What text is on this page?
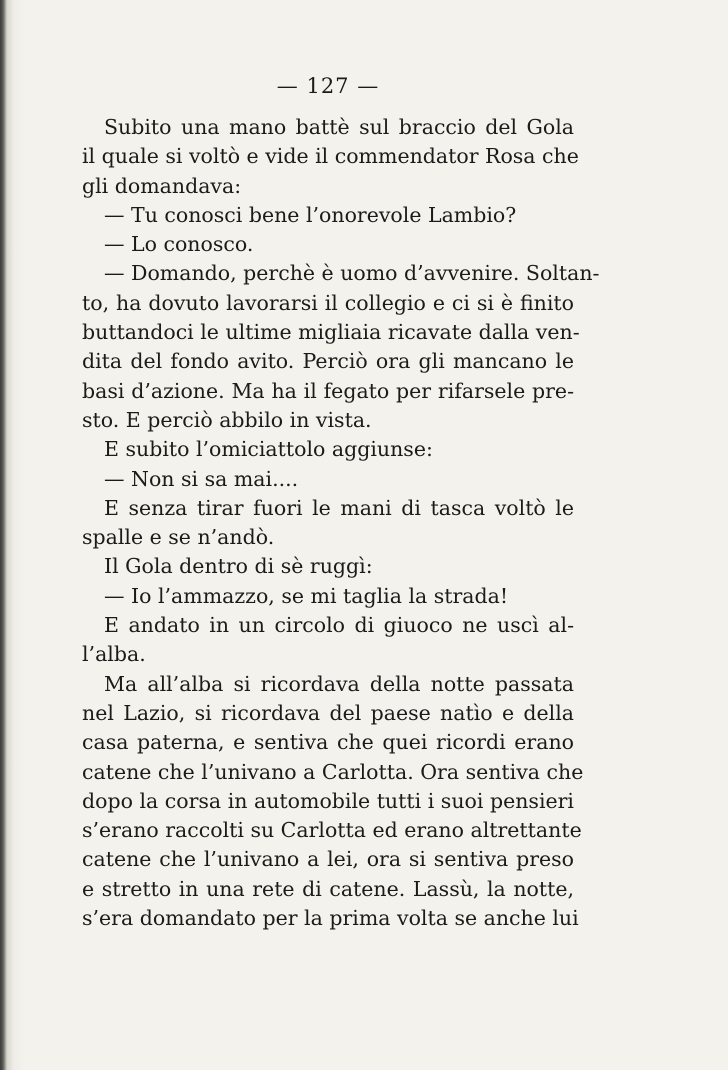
— 127 —
Subito una mano battè sul braccio del Gola
il quale si voltò e vide il commendator Rosa che
gli domandava:
— Tu conosci bene l’onorevole Lambio?
— Lo conosco.
— Domando, perchè è uomo d’avvenire. Soltan-
to, ha dovuto lavorarsi il collegio e ci si è finito
buttandoci le ultime migliaia ricavate dalla ven-
dita del fondo avito. Perciò ora gli mancano le
basi d’azione. Ma ha il fegato per rifarsele pre-
sto. E perciò abbilo in vista.
E subito l’omiciattolo aggiunse:
— Non si sa mai....
E senza tirar fuori le mani di tasca voltò le
spalle e se n’andò.
Il Gola dentro di sè ruggì:
— Io l’ammazzo, se mi taglia la strada!
E andato in un circolo di giuoco ne uscì al-
l’alba.
Ma all’alba si ricordava della notte passata
nel Lazio, si ricordava del paese natìo e della
casa paterna, e sentiva che quei ricordi erano
catene che l’univano a Carlotta. Ora sentiva che
dopo la corsa in automobile tutti i suoi pensieri
s’erano raccolti su Carlotta ed erano altrettante
catene che l’univano a lei, ora si sentiva preso
e stretto in una rete di catene. Lassù, la notte,
s’era domandato per la prima volta se anche lui
